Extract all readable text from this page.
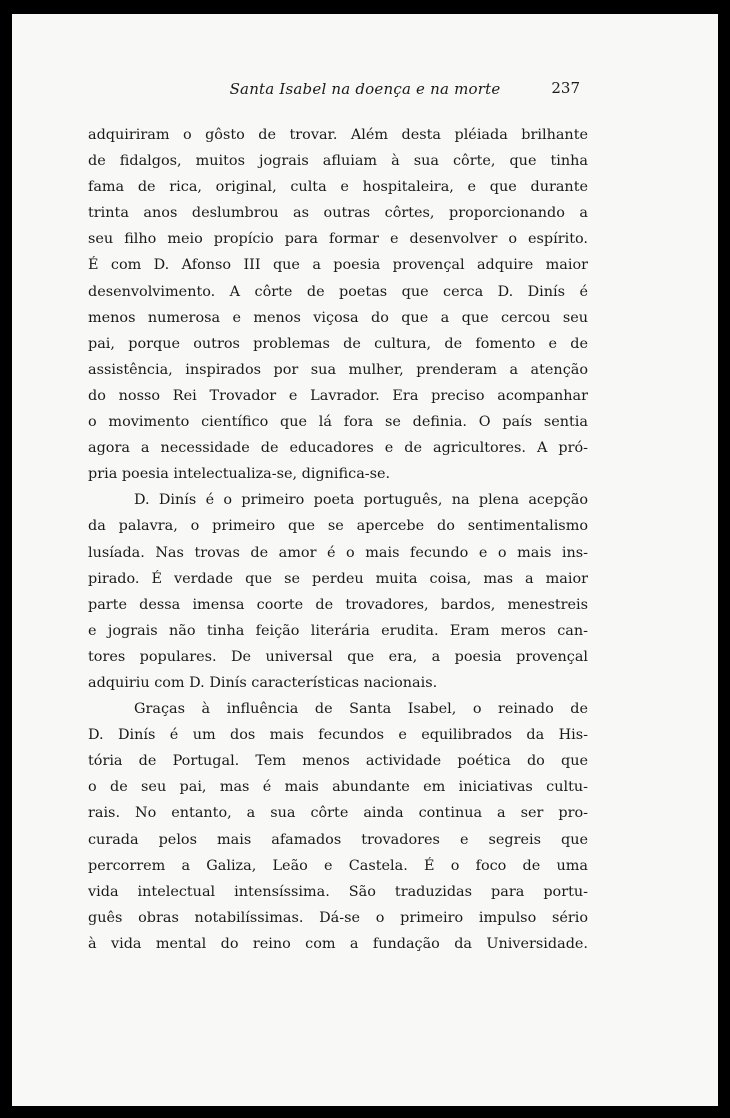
Santa Isabel na doença e na morte	237
adquiriram o gôsto de trovar. Além desta pléiada brilhante
de fidalgos, muitos jograis afluiam à sua côrte, que tinha
fama de rica, original, culta e hospitaleira, e que durante
trinta anos deslumbrou as outras côrtes, proporcionando a
seu filho meio propício para formar e desenvolver o espírito.
É com D. Afonso III que a poesia provençal adquire maior
desenvolvimento. A côrte de poetas que cerca D. Dinís é
menos numerosa e menos viçosa do que a que cercou seu
pai, porque outros problemas de cultura, de fomento e de
assistência, inspirados por sua mulher, prenderam a atenção
do nosso Rei Trovador e Lavrador. Era preciso acompanhar
o movimento científico que lá fora se definia. O país sentia
agora a necessidade de educadores e de agricultores. A pró-
pria poesia intelectualiza-se, dignifica-se.
D. Dinís é o primeiro poeta português, na plena acepção
da palavra, o primeiro que se apercebe do sentimentalismo
lusíada. Nas trovas de amor é o mais fecundo e o mais ins-
pirado. É verdade que se perdeu muita coisa, mas a maior
parte dessa imensa coorte de trovadores, bardos, menestreis
e jograis não tinha feição literária erudita. Eram meros can-
tores populares. De universal que era, a poesia provençal
adquiriu com D. Dinís características nacionais.
Graças à influência de Santa Isabel, o reinado de
D. Dinís é um dos mais fecundos e equilibrados da His-
tória de Portugal. Tem menos actividade poética do que
o de seu pai, mas é mais abundante em iniciativas cultu-
rais. No entanto, a sua côrte ainda continua a ser pro-
curada pelos mais afamados trovadores e segreis que
percorrem a Galiza, Leão e Castela. É o foco de uma
vida intelectual intensíssima. São traduzidas para portu-
guês obras notabilíssimas. Dá-se o primeiro impulso sério
à vida mental do reino com a fundação da Universidade.
